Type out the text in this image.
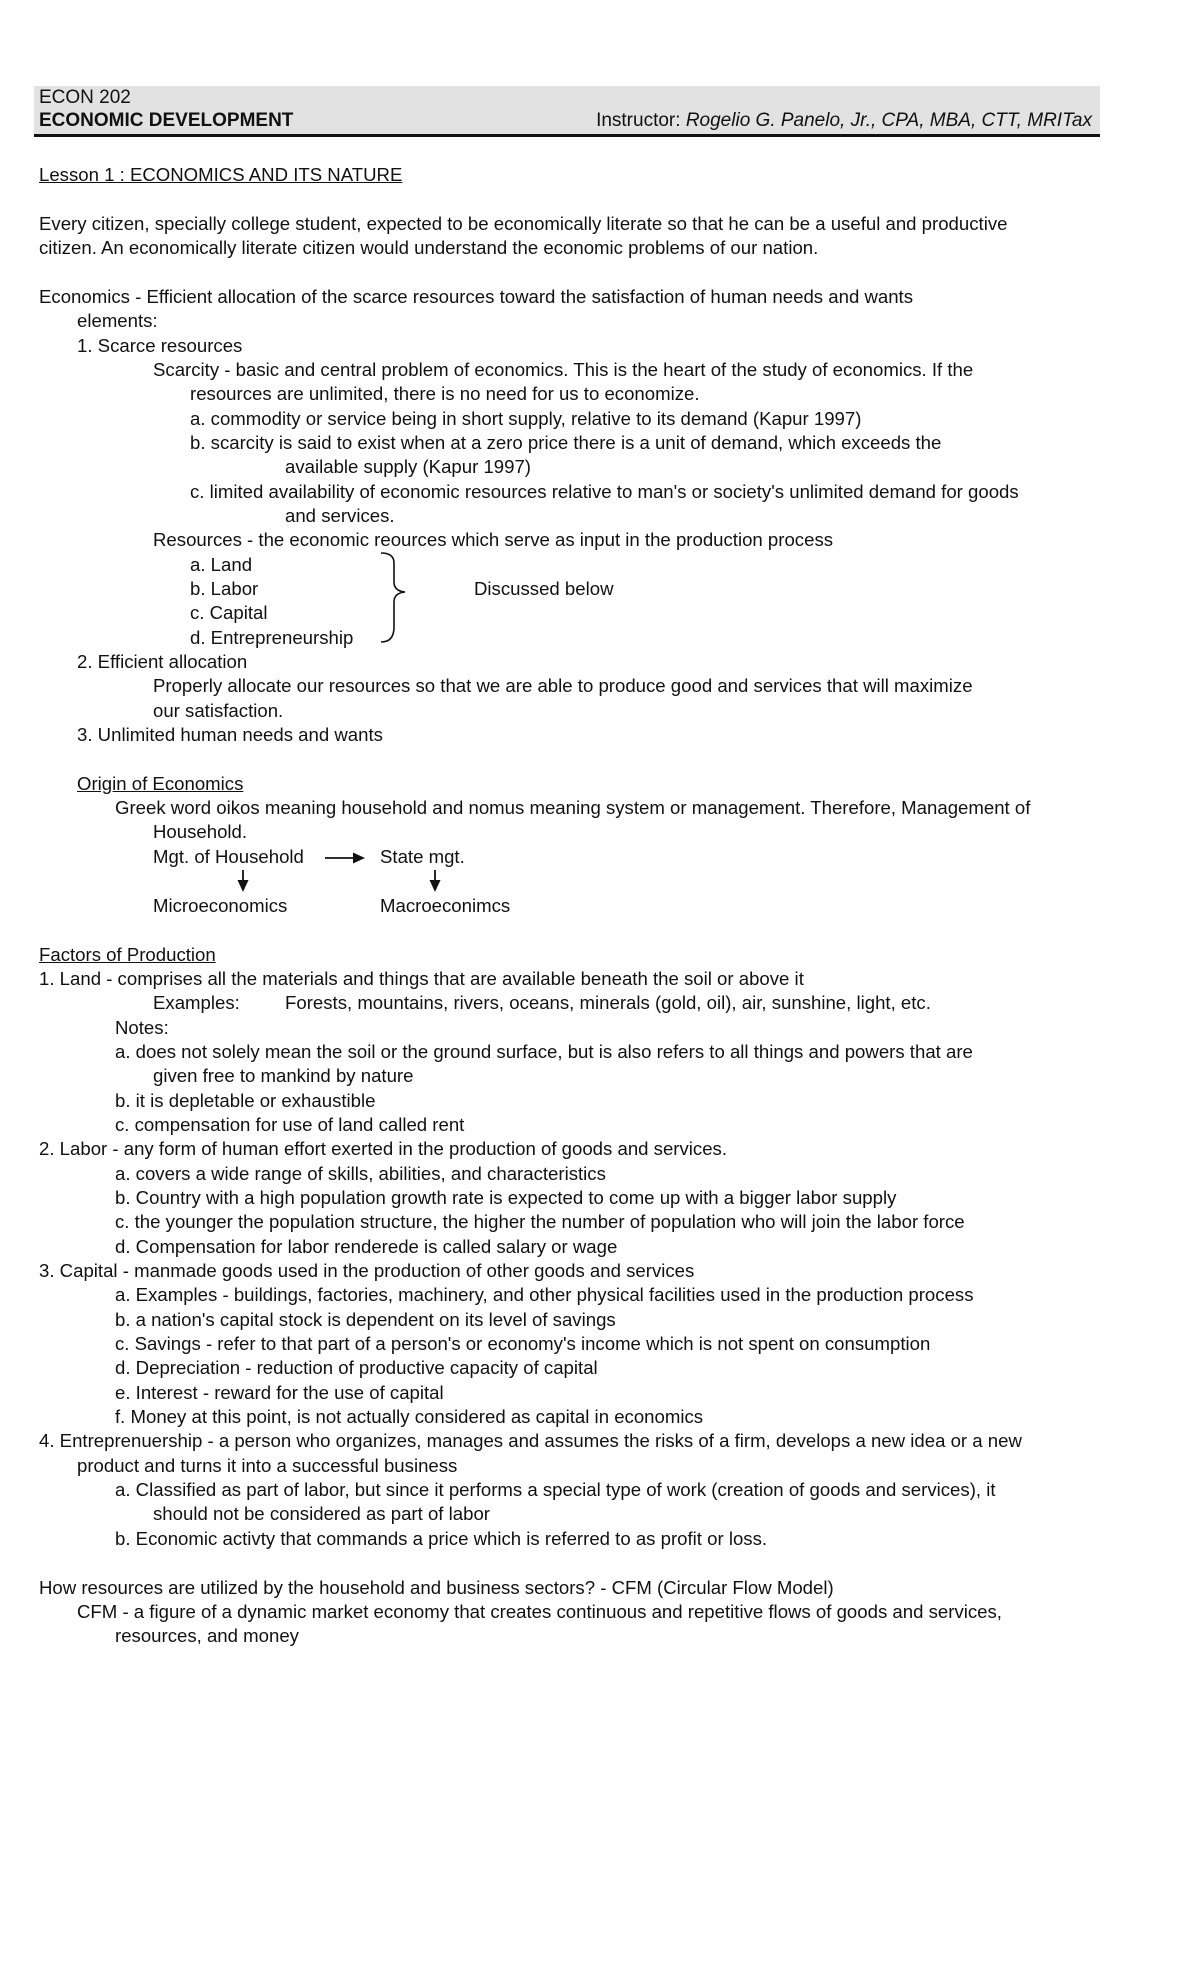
ECON 202
ECONOMIC DEVELOPMENT	Instructor: Rogelio G. Panelo, Jr., CPA, MBA, CTT, MRITax
Lesson 1 : ECONOMICS AND ITS NATURE
Every citizen, specially college student, expected to be economically literate so that he can be a useful and productive
citizen. An economically literate citizen would understand the economic problems of our nation.
Economics - Efficient allocation of the scarce resources toward the satisfaction of human needs and wants
elements:
1. Scarce resources
Scarcity - basic and central problem of economics. This is the heart of the study of economics. If the
resources are unlimited, there is no need for us to economize.
a. commodity or service being in short supply, relative to its demand (Kapur 1997)
b. scarcity is said to exist when at a zero price there is a unit of demand, which exceeds the
available supply (Kapur 1997)
c. limited availability of economic resources relative to man's or society's unlimited demand for goods
and services.
Resources - the economic reources which serve as input in the production process
a. Land
b. Labor
c. Capital
d. Entrepreneurship
Discussed below
2. Efficient allocation
Properly allocate our resources so that we are able to produce good and services that will maximize
our satisfaction.
3. Unlimited human needs and wants
Origin of Economics
Greek word oikos meaning household and nomus meaning system or management. Therefore, Management of
Household.
Mgt. of Household	State mgt.
Microeconomics	Macroeconimcs
Factors of Production
1. Land - comprises all the materials and things that are available beneath the soil or above it
Examples: Forests, mountains, rivers, oceans, minerals (gold, oil), air, sunshine, light, etc.
Notes:
a. does not solely mean the soil or the ground surface, but is also refers to all things and powers that are
given free to mankind by nature
b. it is depletable or exhaustible
c. compensation for use of land called rent
2. Labor - any form of human effort exerted in the production of goods and services.
a. covers a wide range of skills, abilities, and characteristics
b. Country with a high population growth rate is expected to come up with a bigger labor supply
c. the younger the population structure, the higher the number of population who will join the labor force
d. Compensation for labor renderede is called salary or wage
3. Capital - manmade goods used in the production of other goods and services
a. Examples - buildings, factories, machinery, and other physical facilities used in the production process
b. a nation's capital stock is dependent on its level of savings
c. Savings - refer to that part of a person's or economy's income which is not spent on consumption
d. Depreciation - reduction of productive capacity of capital
e. Interest - reward for the use of capital
f. Money at this point, is not actually considered as capital in economics
4. Entreprenuership - a person who organizes, manages and assumes the risks of a firm, develops a new idea or a new
product and turns it into a successful business
a. Classified as part of labor, but since it performs a special type of work (creation of goods and services), it
should not be considered as part of labor
b. Economic activty that commands a price which is referred to as profit or loss.
How resources are utilized by the household and business sectors? - CFM (Circular Flow Model)
CFM - a figure of a dynamic market economy that creates continuous and repetitive flows of goods and services,
resources, and money
